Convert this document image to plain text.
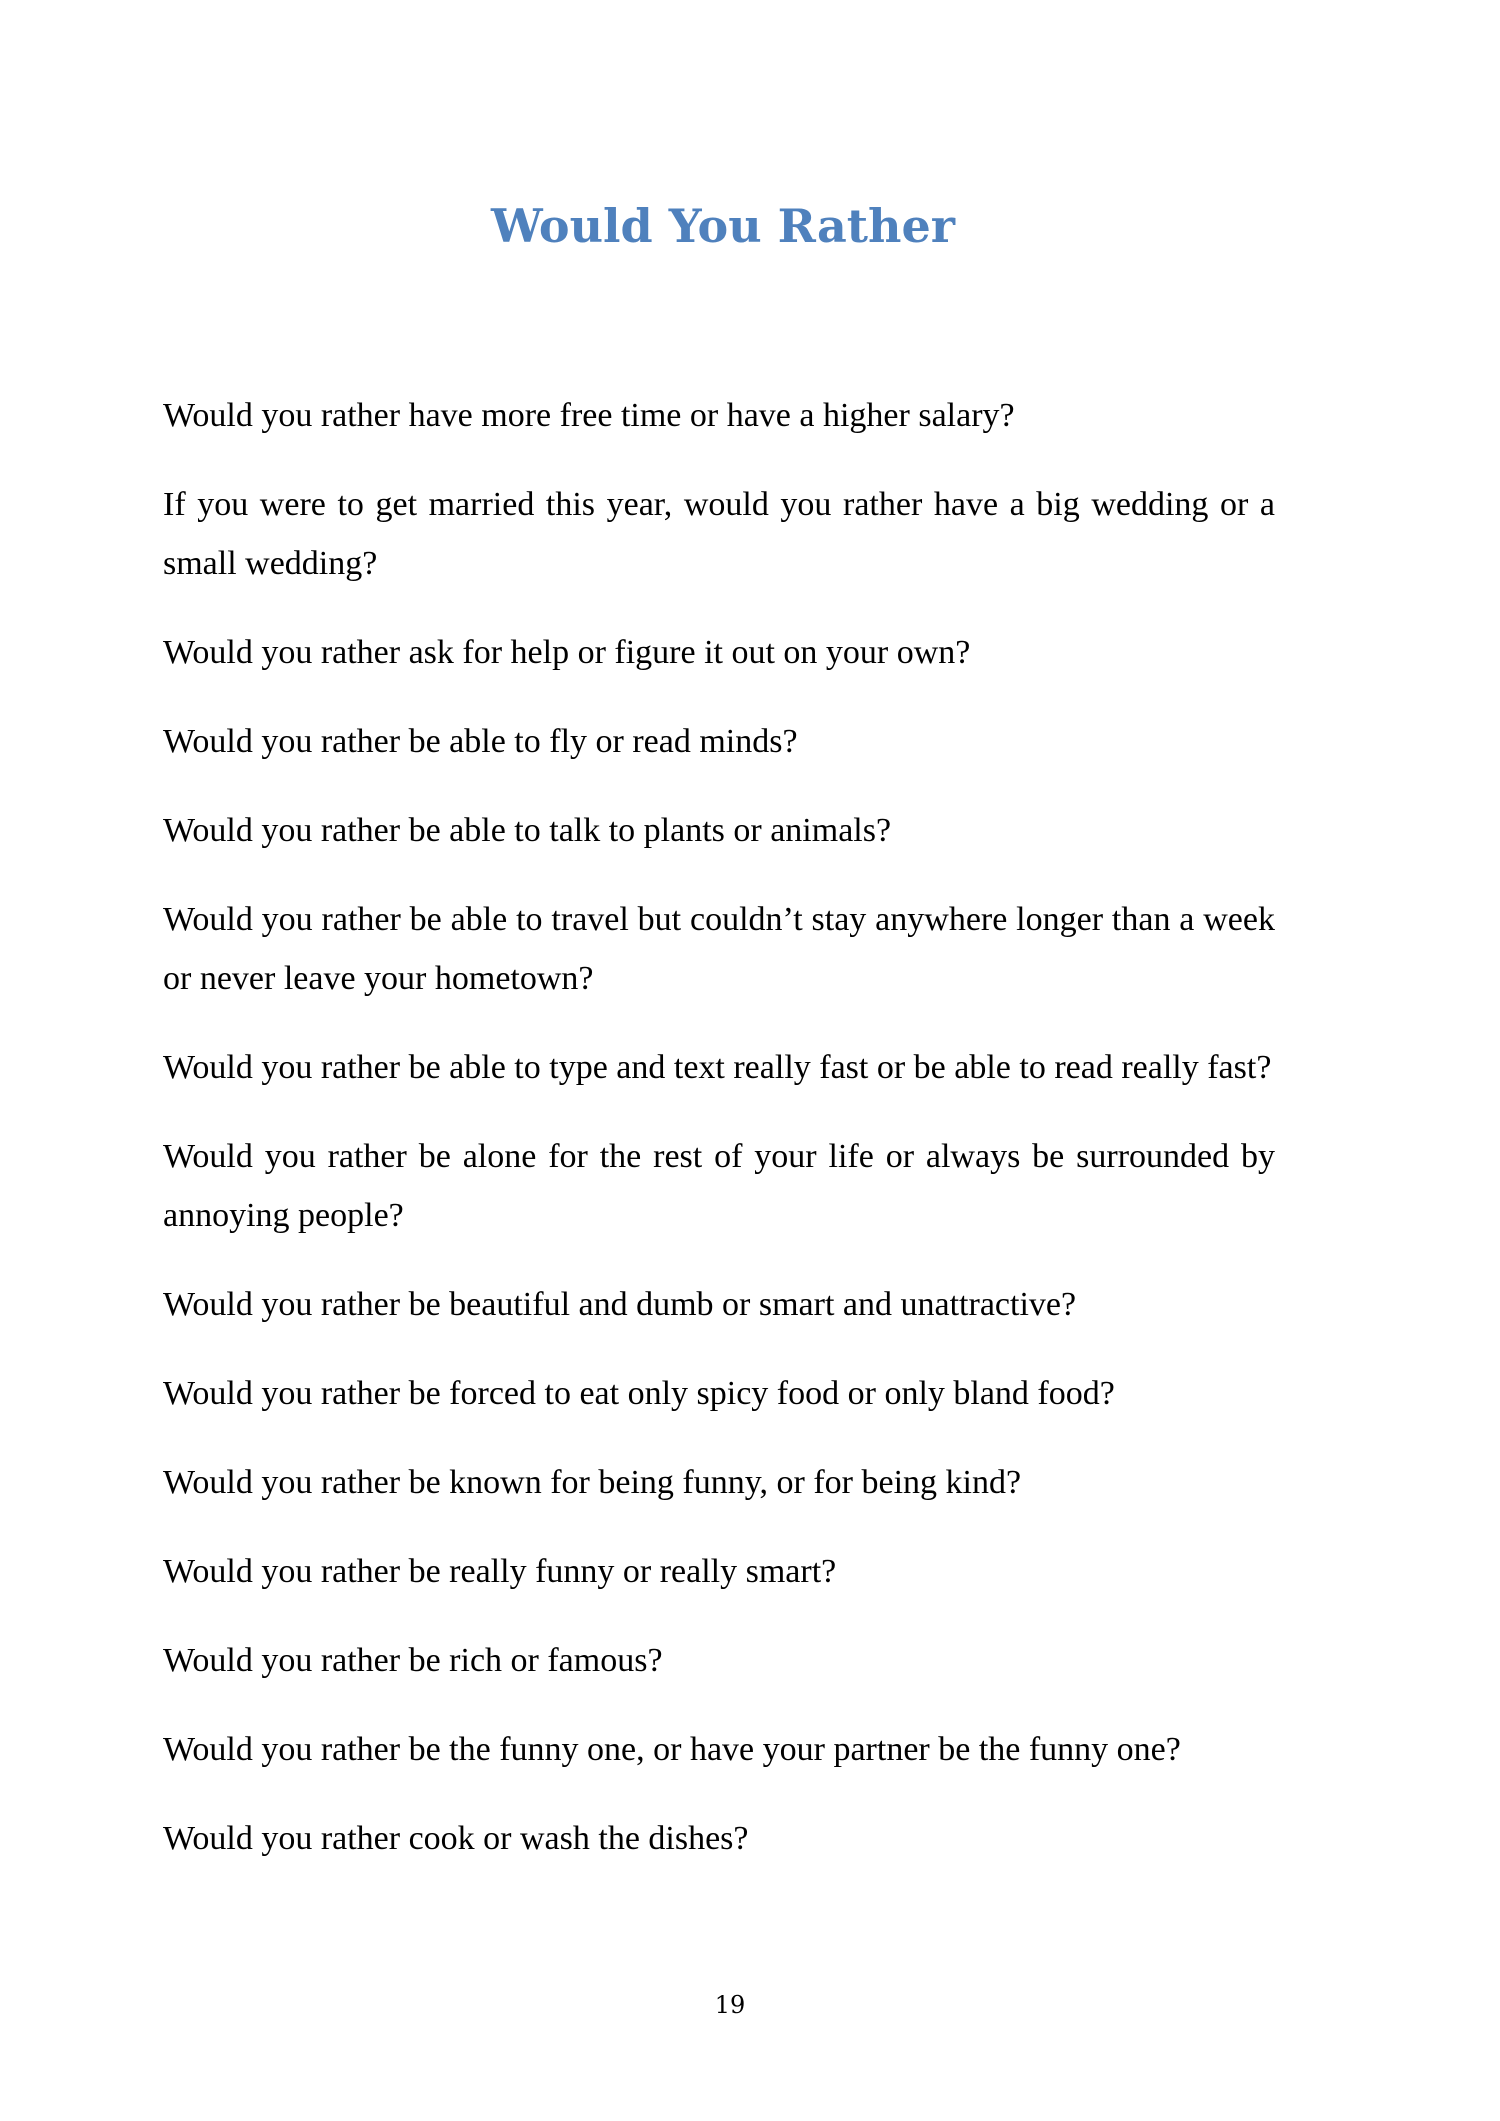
Would You Rather
Would you rather have more free time or have a higher salary?
If you were to get married this year, would you rather have a big wedding or a small wedding?
Would you rather ask for help or figure it out on your own?
Would you rather be able to fly or read minds?
Would you rather be able to talk to plants or animals?
Would you rather be able to travel but couldn’t stay anywhere longer than a week or never leave your hometown?
Would you rather be able to type and text really fast or be able to read really fast?
Would you rather be alone for the rest of your life or always be surrounded by annoying people?
Would you rather be beautiful and dumb or smart and unattractive?
Would you rather be forced to eat only spicy food or only bland food?
Would you rather be known for being funny, or for being kind?
Would you rather be really funny or really smart?
Would you rather be rich or famous?
Would you rather be the funny one, or have your partner be the funny one?
Would you rather cook or wash the dishes?
19
